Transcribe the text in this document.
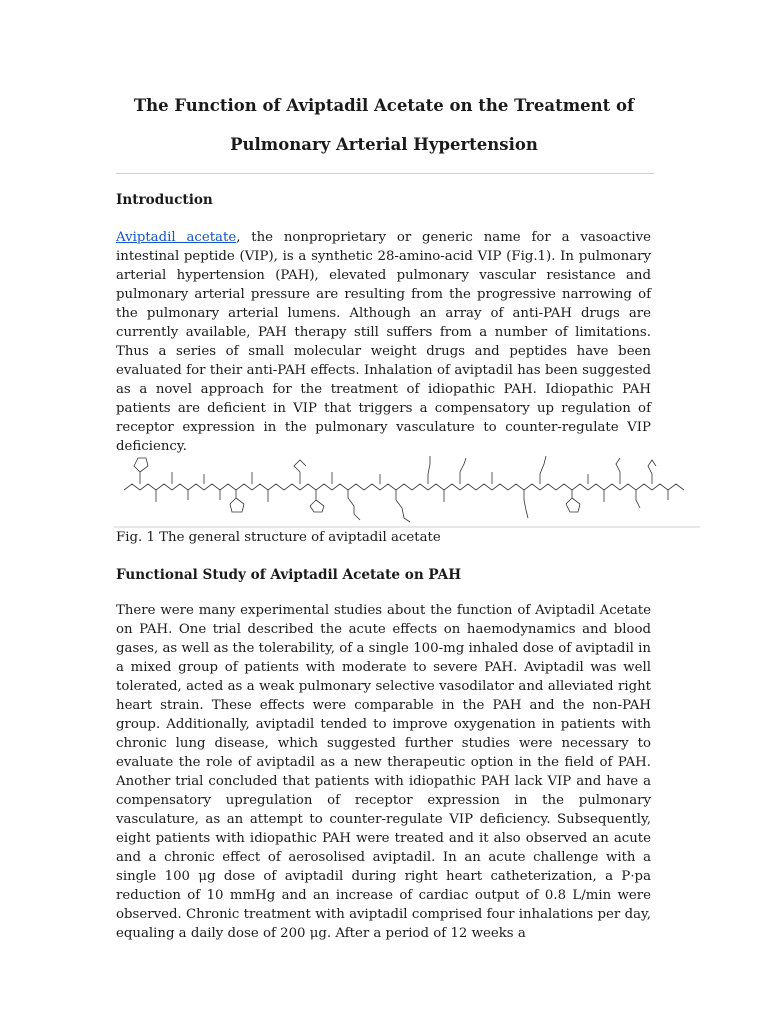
The Function of Aviptadil Acetate on the Treatment of
Pulmonary Arterial Hypertension
Introduction

Aviptadil acetate, the nonproprietary or generic name for a vasoactive intestinal peptide (VIP), is a synthetic 28-amino-acid VIP (Fig.1). In pulmonary arterial hypertension (PAH), elevated pulmonary vascular resistance and pulmonary arterial pressure are resulting from the progressive narrowing of the pulmonary arterial lumens. Although an array of anti-PAH drugs are currently available, PAH therapy still suffers from a number of limitations. Thus a series of small molecular weight drugs and peptides have been evaluated for their anti-PAH effects. Inhalation of aviptadil has been suggested as a novel approach for the treatment of idiopathic PAH. Idiopathic PAH patients are deficient in VIP that triggers a compensatory up regulation of receptor expression in the pulmonary vasculature to counter-regulate VIP deficiency.

Fig. 1 The general structure of aviptadil acetate

Functional Study of Aviptadil Acetate on PAH

There were many experimental studies about the function of Aviptadil Acetate on PAH. One trial described the acute effects on haemodynamics and blood gases, as well as the tolerability, of a single 100-mg inhaled dose of aviptadil in a mixed group of patients with moderate to severe PAH. Aviptadil was well tolerated, acted as a weak pulmonary selective vasodilator and alleviated right heart strain. These effects were comparable in the PAH and the non-PAH group. Additionally, aviptadil tended to improve oxygenation in patients with chronic lung disease, which suggested further studies were necessary to evaluate the role of aviptadil as a new therapeutic option in the field of PAH. Another trial concluded that patients with idiopathic PAH lack VIP and have a compensatory upregulation of receptor expression in the pulmonary vasculature, as an attempt to counter-regulate VIP deficiency. Subsequently, eight patients with idiopathic PAH were treated and it also observed an acute and a chronic effect of aerosolised aviptadil. In an acute challenge with a single 100 μg dose of aviptadil during right heart catheterization, a P·pa reduction of 10 mmHg and an increase of cardiac output of 0.8 L/min were observed. Chronic treatment with aviptadil comprised four inhalations per day, equaling a daily dose of 200 μg. After a period of 12 weeks a
